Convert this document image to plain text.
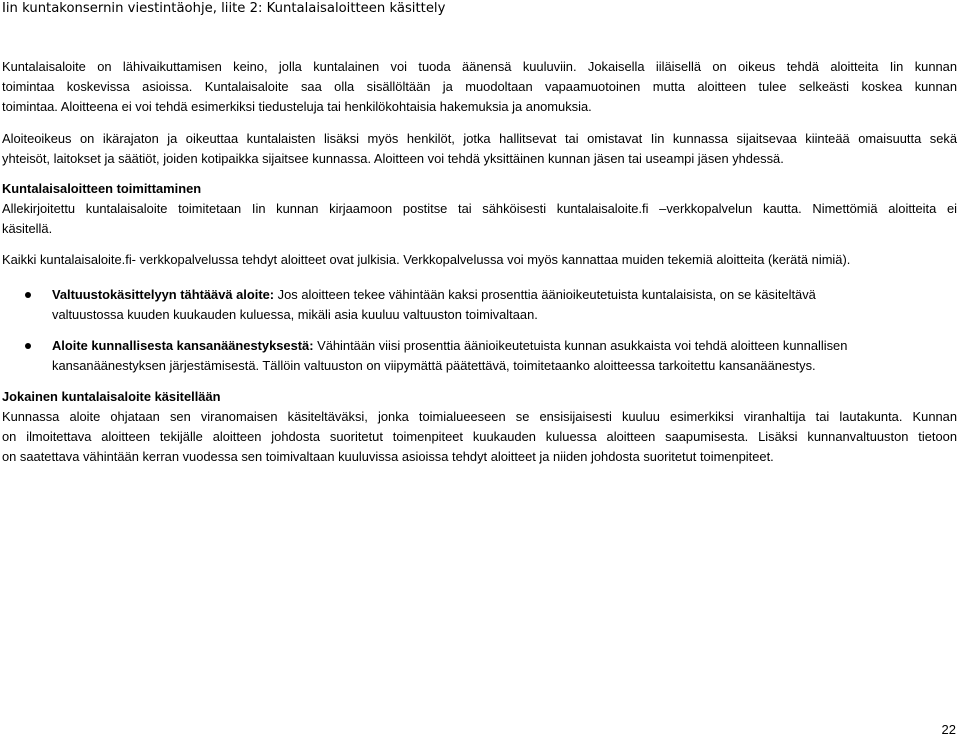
Iin kuntakonsernin viestintäohje, liite 2: Kuntalaisaloitteen käsittely
Kuntalaisaloite on lähivaikuttamisen keino, jolla kuntalainen voi tuoda äänensä kuuluviin. Jokaisella iiläisellä on oikeus tehdä aloitteita Iin kunnan
toimintaa koskevissa asioissa. Kuntalaisaloite saa olla sisällöltään ja muodoltaan vapaamuotoinen mutta aloitteen tulee selkeästi koskea kunnan
toimintaa. Aloitteena ei voi tehdä esimerkiksi tiedusteluja tai henkilökohtaisia hakemuksia ja anomuksia.
Aloiteoikeus on ikärajaton ja oikeuttaa kuntalaisten lisäksi myös henkilöt, jotka hallitsevat tai omistavat Iin kunnassa sijaitsevaa kiinteää omaisuutta sekä
yhteisöt, laitokset ja säätiöt, joiden kotipaikka sijaitsee kunnassa. Aloitteen voi tehdä yksittäinen kunnan jäsen tai useampi jäsen yhdessä.
Kuntalaisaloitteen toimittaminen
Allekirjoitettu kuntalaisaloite toimitetaan Iin kunnan kirjaamoon postitse tai sähköisesti kuntalaisaloite.fi –verkkopalvelun kautta. Nimettömiä aloitteita ei
käsitellä.
Kaikki kuntalaisaloite.fi- verkkopalvelussa tehdyt aloitteet ovat julkisia. Verkkopalvelussa voi myös kannattaa muiden tekemiä aloitteita (kerätä nimiä).
Valtuustokäsittelyyn tähtäävä aloite: Jos aloitteen tekee vähintään kaksi prosenttia äänioikeutetuista kuntalaisista, on se käsiteltävä
valtuustossa kuuden kuukauden kuluessa, mikäli asia kuuluu valtuuston toimivaltaan.
Aloite kunnallisesta kansanäänestyksestä: Vähintään viisi prosenttia äänioikeutetuista kunnan asukkaista voi tehdä aloitteen kunnallisen
kansanäänestyksen järjestämisestä. Tällöin valtuuston on viipymättä päätettävä, toimitetaanko aloitteessa tarkoitettu kansanäänestys.
Jokainen kuntalaisaloite käsitellään
Kunnassa aloite ohjataan sen viranomaisen käsiteltäväksi, jonka toimialueeseen se ensisijaisesti kuuluu esimerkiksi viranhaltija tai lautakunta. Kunnan
on ilmoitettava aloitteen tekijälle aloitteen johdosta suoritetut toimenpiteet kuukauden kuluessa aloitteen saapumisesta. Lisäksi kunnanvaltuuston tietoon
on saatettava vähintään kerran vuodessa sen toimivaltaan kuuluvissa asioissa tehdyt aloitteet ja niiden johdosta suoritetut toimenpiteet.
22
